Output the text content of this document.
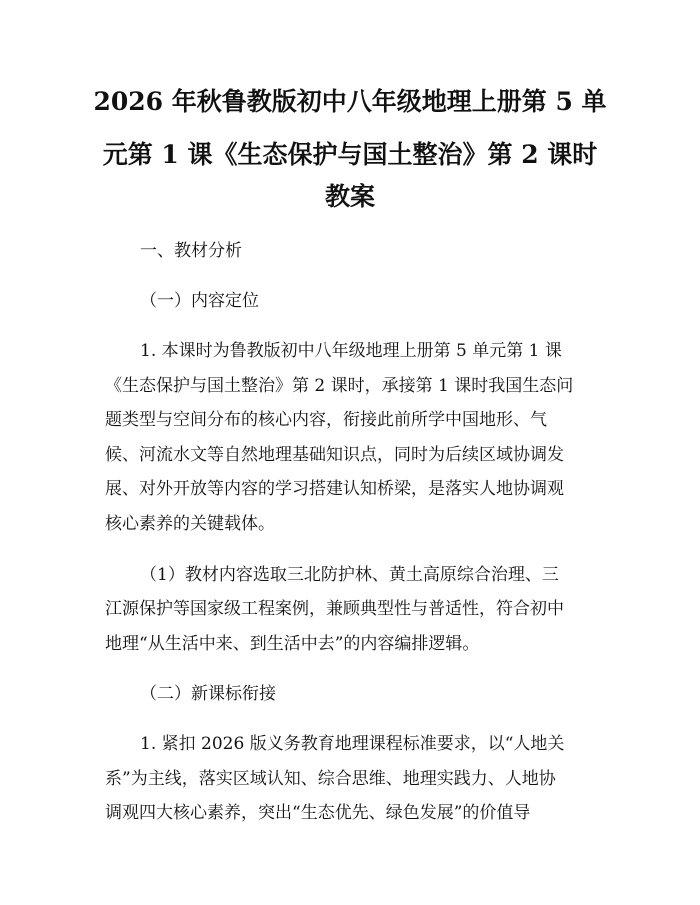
2026 年秋鲁教版初中八年级地理上册第 5 单
元第 1 课《生态保护与国土整治》第 2 课时
教案
一、教材分析
（一）内容定位
1. 本课时为鲁教版初中八年级地理上册第 5 单元第 1 课
《生态保护与国土整治》第 2 课时，承接第 1 课时我国生态问
题类型与空间分布的核心内容，衔接此前所学中国地形、气
候、河流水文等自然地理基础知识点，同时为后续区域协调发
展、对外开放等内容的学习搭建认知桥梁，是落实人地协调观
核心素养的关键载体。
（1）教材内容选取三北防护林、黄土高原综合治理、三
江源保护等国家级工程案例，兼顾典型性与普适性，符合初中
地理“从生活中来、到生活中去”的内容编排逻辑。
（二）新课标衔接
1. 紧扣 2026 版义务教育地理课程标准要求，以“人地关
系”为主线，落实区域认知、综合思维、地理实践力、人地协
调观四大核心素养，突出“生态优先、绿色发展”的价值导
